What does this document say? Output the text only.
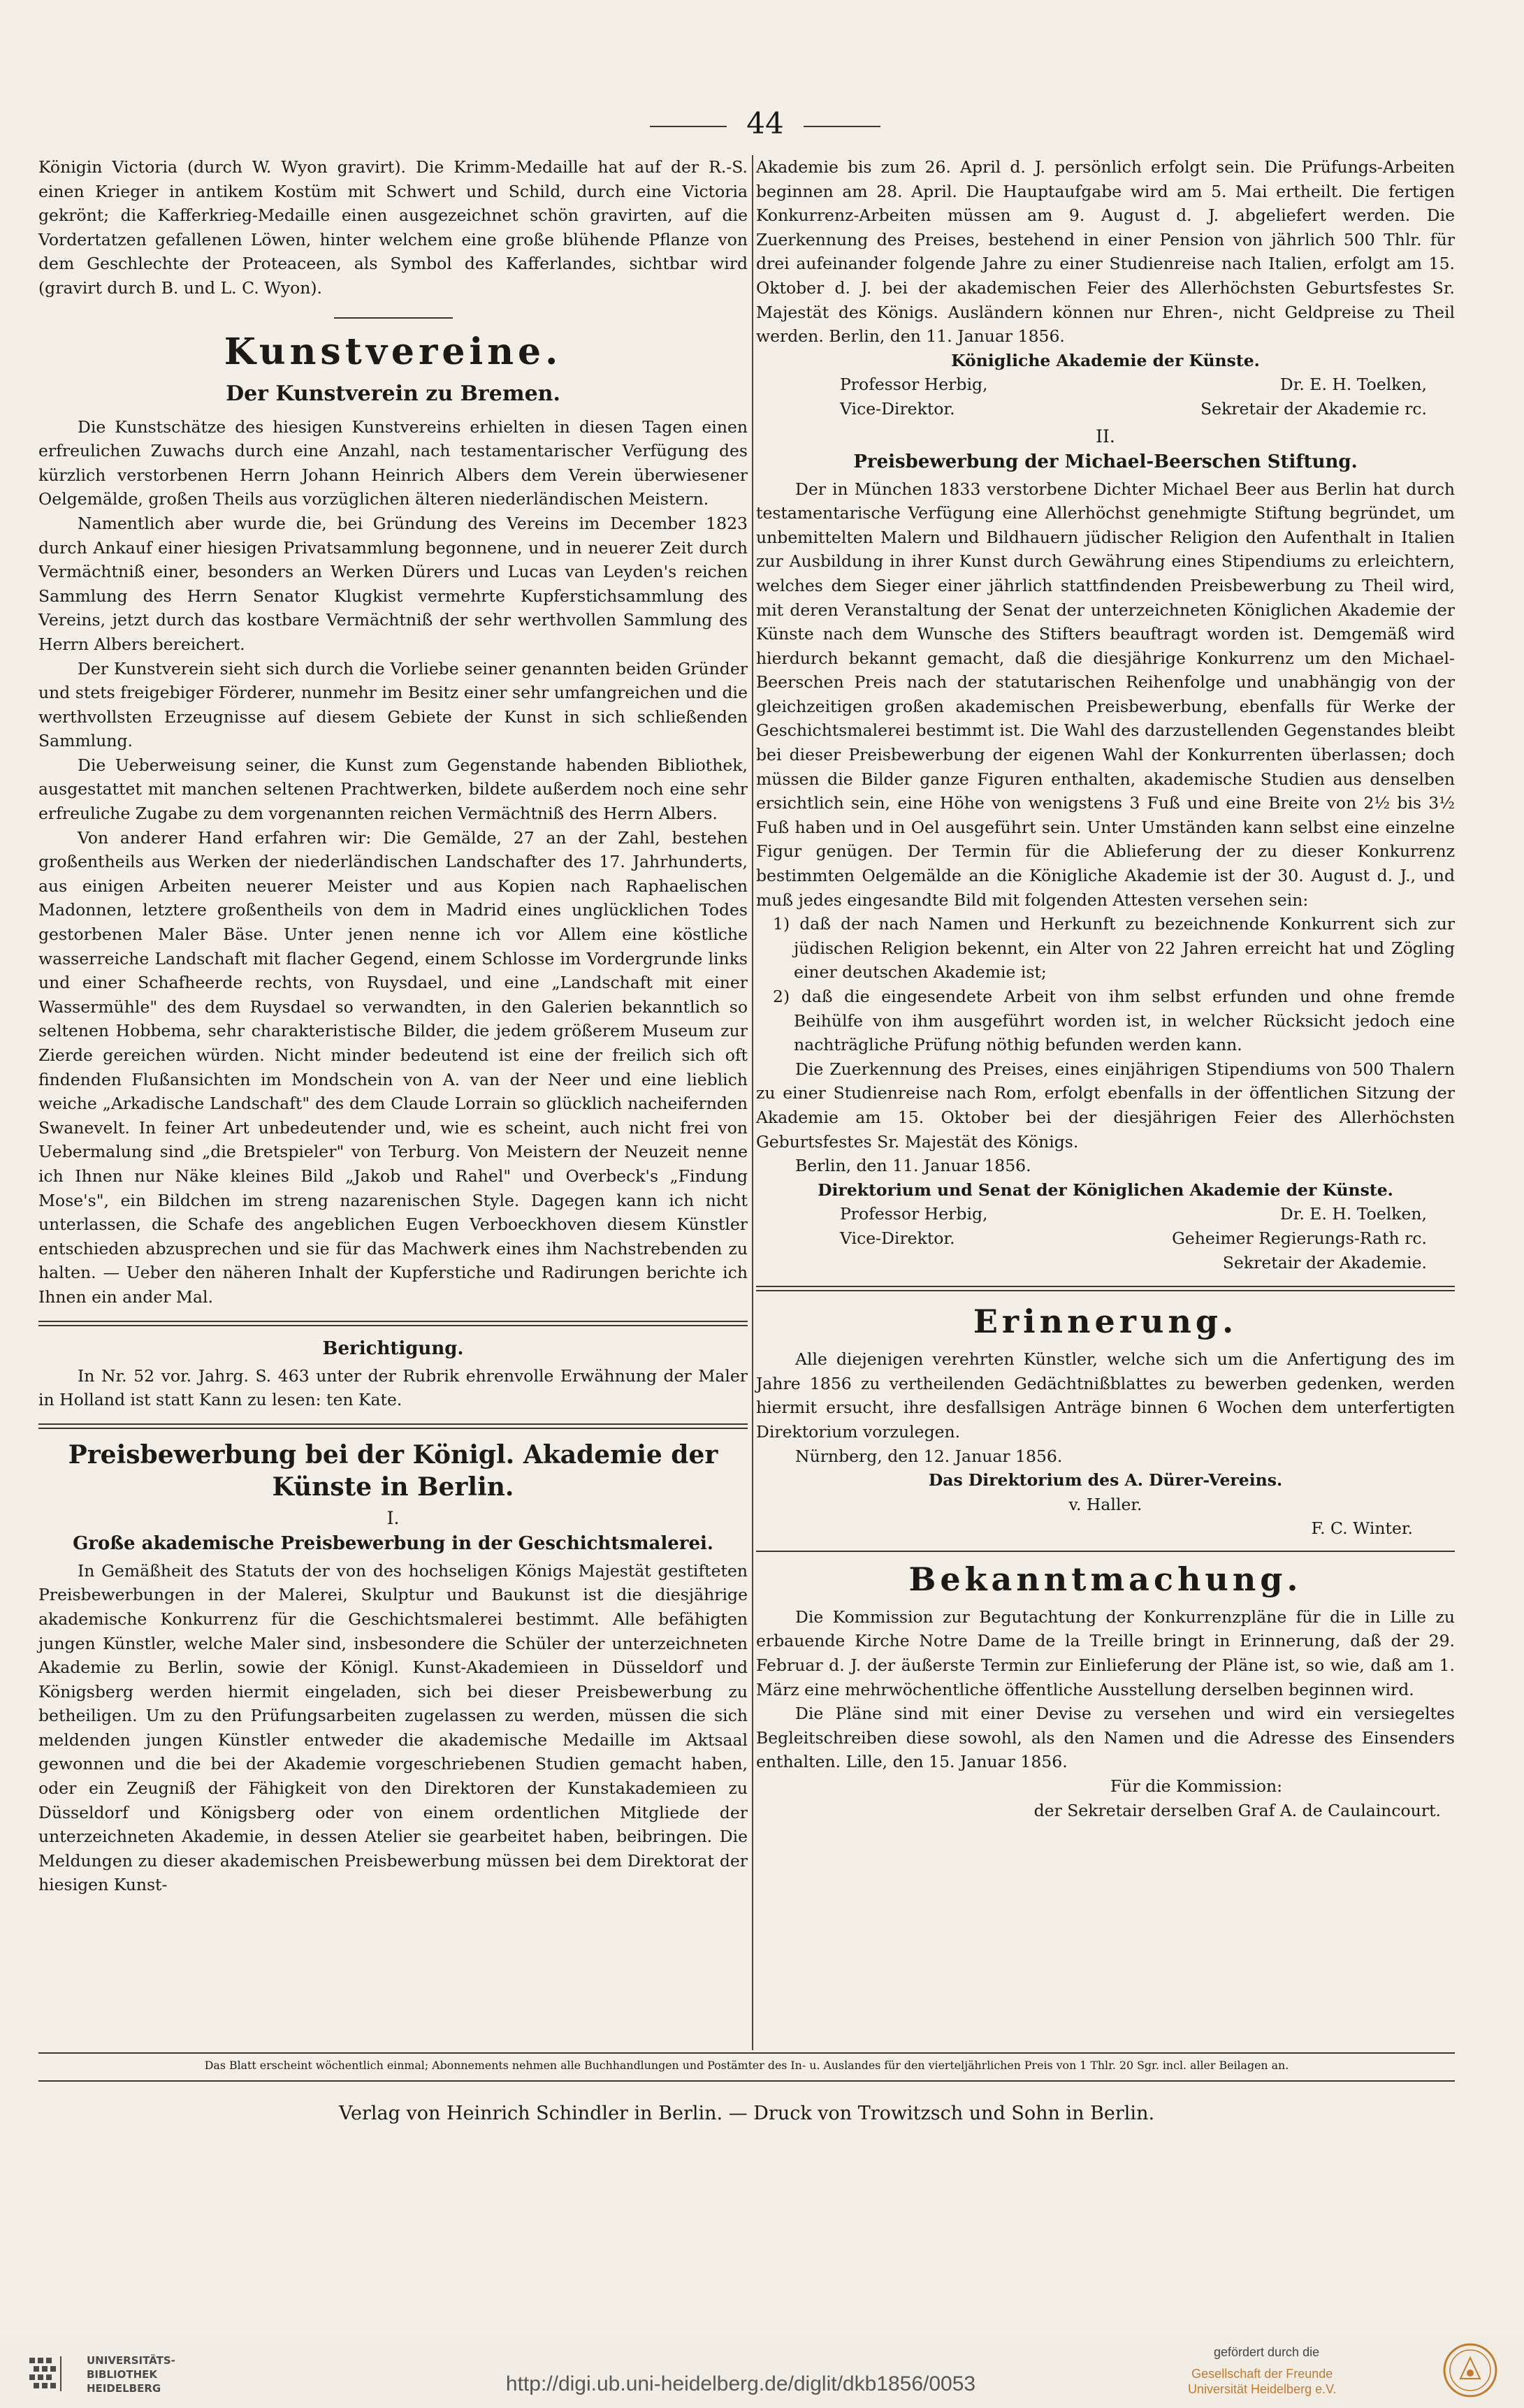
44

Königin Victoria (durch W. Wyon gravirt). Die Krimm-Medaille hat auf der R.-S. einen Krieger in antikem Kostüm mit Schwert und Schild, durch eine Victoria gekrönt; die Kafferkrieg-Medaille einen ausgezeichnet schön gravirten, auf die Vordertatzen gefallenen Löwen, hinter welchem eine große blühende Pflanze von dem Geschlechte der Proteaceen, als Symbol des Kafferlandes, sichtbar wird (gravirt durch B. und L. C. Wyon).

Kunstvereine.
Der Kunstverein zu Bremen.

Die Kunstschätze des hiesigen Kunstvereins erhielten in diesen Tagen einen erfreulichen Zuwachs durch eine Anzahl, nach testamentarischer Verfügung des kürzlich verstorbenen Herrn Johann Heinrich Albers dem Verein überwiesener Oelgemälde, großen Theils aus vorzüglichen älteren niederländischen Meistern.

Namentlich aber wurde die, bei Gründung des Vereins im December 1823 durch Ankauf einer hiesigen Privatsammlung begonnene, und in neuerer Zeit durch Vermächtniß einer, besonders an Werken Dürers und Lucas van Leyden's reichen Sammlung des Herrn Senator Klugkist vermehrte Kupferstichsammlung des Vereins, jetzt durch das kostbare Vermächtniß der sehr werthvollen Sammlung des Herrn Albers bereichert.

Der Kunstverein sieht sich durch die Vorliebe seiner genannten beiden Gründer und stets freigebiger Förderer, nunmehr im Besitz einer sehr umfangreichen und die werthvollsten Erzeugnisse auf diesem Gebiete der Kunst in sich schließenden Sammlung.

Die Ueberweisung seiner, die Kunst zum Gegenstande habenden Bibliothek, ausgestattet mit manchen seltenen Prachtwerken, bildete außerdem noch eine sehr erfreuliche Zugabe zu dem vorgenannten reichen Vermächtniß des Herrn Albers.

Von anderer Hand erfahren wir: Die Gemälde, 27 an der Zahl, bestehen großentheils aus Werken der niederländischen Landschafter des 17. Jahrhunderts, aus einigen Arbeiten neuerer Meister und aus Kopien nach Raphaelischen Madonnen, letztere großentheils von dem in Madrid eines unglücklichen Todes gestorbenen Maler Bäse. Unter jenen nenne ich vor Allem eine köstliche wasserreiche Landschaft mit flacher Gegend, einem Schlosse im Vordergrunde links und einer Schafheerde rechts, von Ruysdael, und eine „Landschaft mit einer Wassermühle" des dem Ruysdael so verwandten, in den Galerien bekanntlich so seltenen Hobbema, sehr charakteristische Bilder, die jedem größerem Museum zur Zierde gereichen würden. Nicht minder bedeutend ist eine der freilich sich oft findenden Flußansichten im Mondschein von A. van der Neer und eine lieblich weiche „Arkadische Landschaft" des dem Claude Lorrain so glücklich nacheifernden Swanevelt. In feiner Art unbedeutender und, wie es scheint, auch nicht frei von Uebermalung sind „die Bretspieler" von Terburg. Von Meistern der Neuzeit nenne ich Ihnen nur Näke kleines Bild „Jakob und Rahel" und Overbeck's „Findung Mose's", ein Bildchen im streng nazarenischen Style. Dagegen kann ich nicht unterlassen, die Schafe des angeblichen Eugen Verboeckhoven diesem Künstler entschieden abzusprechen und sie für das Machwerk eines ihm Nachstrebenden zu halten. — Ueber den näheren Inhalt der Kupferstiche und Radirungen berichte ich Ihnen ein ander Mal.

Berichtigung.

In Nr. 52 vor. Jahrg. S. 463 unter der Rubrik ehrenvolle Erwähnung der Maler in Holland ist statt Kann zu lesen: ten Kate.

Preisbewerbung bei der Königl. Akademie der Künste in Berlin.
I.
Große akademische Preisbewerbung in der Geschichtsmalerei.

In Gemäßheit des Statuts der von des hochseligen Königs Majestät gestifteten Preisbewerbungen in der Malerei, Skulptur und Baukunst ist die diesjährige akademische Konkurrenz für die Geschichtsmalerei bestimmt. Alle befähigten jungen Künstler, welche Maler sind, insbesondere die Schüler der unterzeichneten Akademie zu Berlin, sowie der Königl. Kunst-Akademieen in Düsseldorf und Königsberg werden hiermit eingeladen, sich bei dieser Preisbewerbung zu betheiligen. Um zu den Prüfungsarbeiten zugelassen zu werden, müssen die sich meldenden jungen Künstler entweder die akademische Medaille im Aktsaal gewonnen und die bei der Akademie vorgeschriebenen Studien gemacht haben, oder ein Zeugniß der Fähigkeit von den Direktoren der Kunstakademieen zu Düsseldorf und Königsberg oder von einem ordentlichen Mitgliede der unterzeichneten Akademie, in dessen Atelier sie gearbeitet haben, beibringen. Die Meldungen zu dieser akademischen Preisbewerbung müssen bei dem Direktorat der hiesigen Kunst-

Akademie bis zum 26. April d. J. persönlich erfolgt sein. Die Prüfungs-Arbeiten beginnen am 28. April. Die Hauptaufgabe wird am 5. Mai ertheilt. Die fertigen Konkurrenz-Arbeiten müssen am 9. August d. J. abgeliefert werden. Die Zuerkennung des Preises, bestehend in einer Pension von jährlich 500 Thlr. für drei aufeinander folgende Jahre zu einer Studienreise nach Italien, erfolgt am 15. Oktober d. J. bei der akademischen Feier des Allerhöchsten Geburtsfestes Sr. Majestät des Königs. Ausländern können nur Ehren-, nicht Geldpreise zu Theil werden. Berlin, den 11. Januar 1856.

Königliche Akademie der Künste.
Professor Herbig,	Dr. E. H. Toelken,
Vice-Direktor.	Sekretair der Akademie rc.
II.
Preisbewerbung der Michael-Beerschen Stiftung.

Der in München 1833 verstorbene Dichter Michael Beer aus Berlin hat durch testamentarische Verfügung eine Allerhöchst genehmigte Stiftung begründet, um unbemittelten Malern und Bildhauern jüdischer Religion den Aufenthalt in Italien zur Ausbildung in ihrer Kunst durch Gewährung eines Stipendiums zu erleichtern, welches dem Sieger einer jährlich stattfindenden Preisbewerbung zu Theil wird, mit deren Veranstaltung der Senat der unterzeichneten Königlichen Akademie der Künste nach dem Wunsche des Stifters beauftragt worden ist. Demgemäß wird hierdurch bekannt gemacht, daß die diesjährige Konkurrenz um den Michael-Beerschen Preis nach der statutarischen Reihenfolge und unabhängig von der gleichzeitigen großen akademischen Preisbewerbung, ebenfalls für Werke der Geschichtsmalerei bestimmt ist. Die Wahl des darzustellenden Gegenstandes bleibt bei dieser Preisbewerbung der eigenen Wahl der Konkurrenten überlassen; doch müssen die Bilder ganze Figuren enthalten, akademische Studien aus denselben ersichtlich sein, eine Höhe von wenigstens 3 Fuß und eine Breite von 2½ bis 3½ Fuß haben und in Oel ausgeführt sein. Unter Umständen kann selbst eine einzelne Figur genügen. Der Termin für die Ablieferung der zu dieser Konkurrenz bestimmten Oelgemälde an die Königliche Akademie ist der 30. August d. J., und muß jedes eingesandte Bild mit folgenden Attesten versehen sein:

1) daß der nach Namen und Herkunft zu bezeichnende Konkurrent sich zur jüdischen Religion bekennt, ein Alter von 22 Jahren erreicht hat und Zögling einer deutschen Akademie ist;
2) daß die eingesendete Arbeit von ihm selbst erfunden und ohne fremde Beihülfe von ihm ausgeführt worden ist, in welcher Rücksicht jedoch eine nachträgliche Prüfung nöthig befunden werden kann.

Die Zuerkennung des Preises, eines einjährigen Stipendiums von 500 Thalern zu einer Studienreise nach Rom, erfolgt ebenfalls in der öffentlichen Sitzung der Akademie am 15. Oktober bei der diesjährigen Feier des Allerhöchsten Geburtsfestes Sr. Majestät des Königs.

Berlin, den 11. Januar 1856.

Direktorium und Senat der Königlichen Akademie der Künste.
Professor Herbig,	Dr. E. H. Toelken,
Vice-Direktor.	Geheimer Regierungs-Rath rc.
Sekretair der Akademie.
Erinnerung.

Alle diejenigen verehrten Künstler, welche sich um die Anfertigung des im Jahre 1856 zu vertheilenden Gedächtnißblattes zu bewerben gedenken, werden hiermit ersucht, ihre desfallsigen Anträge binnen 6 Wochen dem unterfertigten Direktorium vorzulegen.

Nürnberg, den 12. Januar 1856.

Das Direktorium des A. Dürer-Vereins.
v. Haller.
F. C. Winter.
Bekanntmachung.

Die Kommission zur Begutachtung der Konkurrenzpläne für die in Lille zu erbauende Kirche Notre Dame de la Treille bringt in Erinnerung, daß der 29. Februar d. J. der äußerste Termin zur Einlieferung der Pläne ist, so wie, daß am 1. März eine mehrwöchentliche öffentliche Ausstellung derselben beginnen wird.

Die Pläne sind mit einer Devise zu versehen und wird ein versiegeltes Begleitschreiben diese sowohl, als den Namen und die Adresse des Einsenders enthalten. Lille, den 15. Januar 1856.

Für die Kommission:
der Sekretair derselben Graf A. de Caulaincourt.
Das Blatt erscheint wöchentlich einmal; Abonnements nehmen alle Buchhandlungen und Postämter des In- u. Auslandes für den vierteljährlichen Preis von 1 Thlr. 20 Sgr. incl. aller Beilagen an.
Verlag von Heinrich Schindler in Berlin. — Druck von Trowitzsch und Sohn in Berlin.
UNIVERSITÄTS-
BIBLIOTHEK
HEIDELBERG	http://digi.ub.uni-heidelberg.de/diglit/dkb1856/0053
gefördert durch die
Gesellschaft der Freunde
Universität Heidelberg e.V.
